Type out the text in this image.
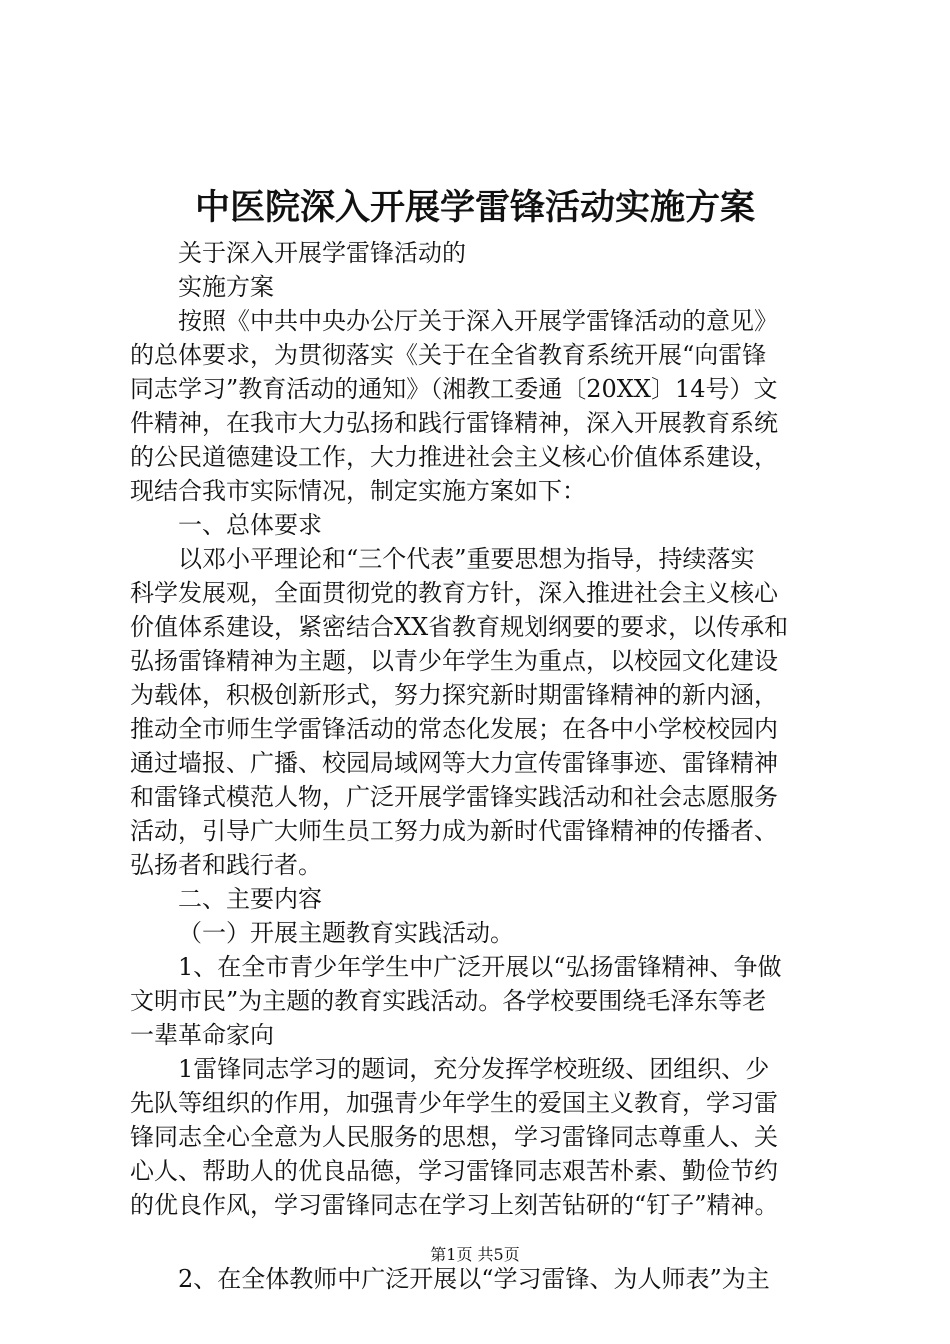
中医院深入开展学雷锋活动实施方案
关于深入开展学雷锋活动的
实施方案
按照《中共中央办公厅关于深入开展学雷锋活动的意见》
的总体要求，为贯彻落实《关于在全省教育系统开展“向雷锋
同志学习”教育活动的通知》（湘教工委通〔20XX〕14号）文
件精神，在我市大力弘扬和践行雷锋精神，深入开展教育系统
的公民道德建设工作，大力推进社会主义核心价值体系建设，
现结合我市实际情况，制定实施方案如下：
一、总体要求
以邓小平理论和“三个代表”重要思想为指导，持续落实
科学发展观，全面贯彻党的教育方针，深入推进社会主义核心
价值体系建设，紧密结合XX省教育规划纲要的要求，以传承和
弘扬雷锋精神为主题，以青少年学生为重点，以校园文化建设
为载体，积极创新形式，努力探究新时期雷锋精神的新内涵，
推动全市师生学雷锋活动的常态化发展；在各中小学校校园内
通过墙报、广播、校园局域网等大力宣传雷锋事迹、雷锋精神
和雷锋式模范人物，广泛开展学雷锋实践活动和社会志愿服务
活动，引导广大师生员工努力成为新时代雷锋精神的传播者、
弘扬者和践行者。
二、主要内容
（一）开展主题教育实践活动。
1、在全市青少年学生中广泛开展以“弘扬雷锋精神、争做
文明市民”为主题的教育实践活动。各学校要围绕毛泽东等老
一辈革命家向
1雷锋同志学习的题词，充分发挥学校班级、团组织、少
先队等组织的作用，加强青少年学生的爱国主义教育，学习雷
锋同志全心全意为人民服务的思想，学习雷锋同志尊重人、关
心人、帮助人的优良品德，学习雷锋同志艰苦朴素、勤俭节约
的优良作风，学习雷锋同志在学习上刻苦钻研的“钉子”精神。
2、在全体教师中广泛开展以“学习雷锋、为人师表”为主
第1页 共5页
